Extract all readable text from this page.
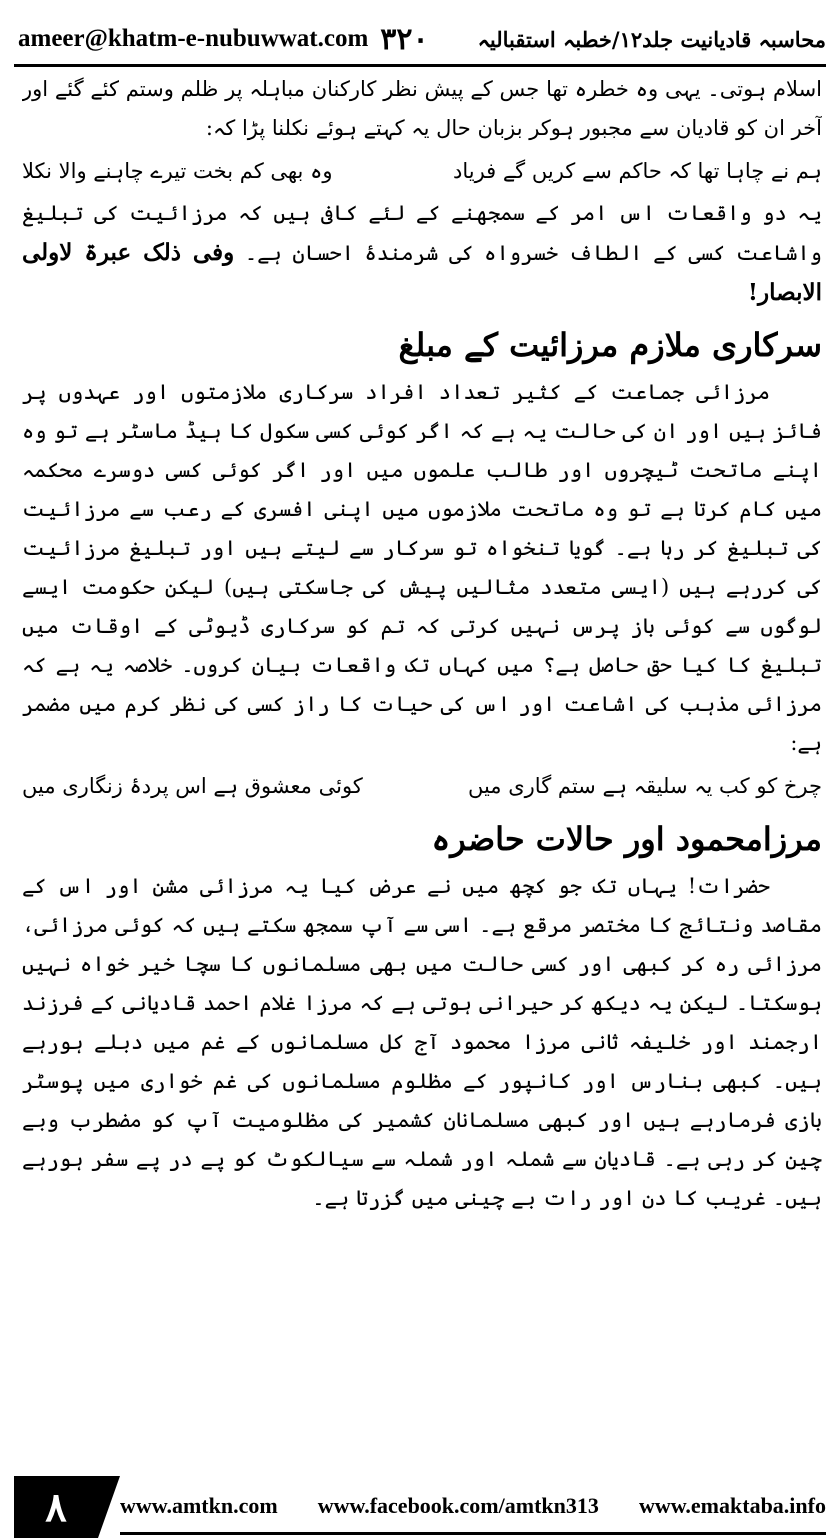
ameer@khatm-e-nubuwwat.com ۳۲۰ محاسبہ قادیانیت جلد۱۲/خطبہ استقبالیہ

اسلام ہوتی۔ یہی وہ خطرہ تھا جس کے پیش نظر کارکنان مباہلہ پر ظلم وستم کئے گئے اور آخر ان کو قادیان سے مجبور ہوکر بزبان حال یہ کہتے ہوئے نکلنا پڑا کہ:

ہم نے چاہا تھا کہ حاکم سے کریں گے فریاد
وہ بھی کم بخت تیرے چاہنے والا نکلا

یہ دو واقعات اس امر کے سمجھنے کے لئے کافی ہیں کہ مرزائیت کی تبلیغ واشاعت کسی کے الطاف خسرواہ کی شرمندۂ احسان ہے۔ وفی ذلک عبرۃ لاولی الابصار!

سرکاری ملازم مرزائیت کے مبلغ

مرزائی جماعت کے کثیر تعداد افراد سرکاری ملازمتوں اور عہدوں پر فائز ہیں اور ان کی حالت یہ ہے کہ اگر کوئی کسی سکول کا ہیڈ ماسٹر ہے تو وہ اپنے ماتحت ٹیچروں اور طالب علموں میں اور اگر کوئی کسی دوسرے محکمہ میں کام کرتا ہے تو وہ ماتحت ملازموں میں اپنی افسری کے رعب سے مرزائیت کی تبلیغ کر رہا ہے۔ گویا تنخواہ تو سرکار سے لیتے ہیں اور تبلیغ مرزائیت کی کررہے ہیں (ایسی متعدد مثالیں پیش کی جاسکتی ہیں) لیکن حکومت ایسے لوگوں سے کوئی باز پرس نہیں کرتی کہ تم کو سرکاری ڈیوٹی کے اوقات میں تبلیغ کا کیا حق حاصل ہے؟ میں کہاں تک واقعات بیان کروں۔ خلاصہ یہ ہے کہ مرزائی مذہب کی اشاعت اور اس کی حیات کا راز کسی کی نظر کرم میں مضمر ہے:

چرخ کو کب یہ سلیقہ ہے ستم گاری میں
کوئی معشوق ہے اس پردۂ زنگاری میں
مرزامحمود اور حالات حاضرہ

حضرات! یہاں تک جو کچھ میں نے عرض کیا یہ مرزائی مشن اور اس کے مقاصد ونتائج کا مختصر مرقع ہے۔ اسی سے آپ سمجھ سکتے ہیں کہ کوئی مرزائی، مرزائی رہ کر کبھی اور کسی حالت میں بھی مسلمانوں کا سچا خیر خواہ نہیں ہوسکتا۔ لیکن یہ دیکھ کر حیرانی ہوتی ہے کہ مرزا غلام احمد قادیانی کے فرزند ارجمند اور خلیفہ ثانی مرزا محمود آج کل مسلمانوں کے غم میں دبلے ہورہے ہیں۔ کبھی بنارس اور کانپور کے مظلوم مسلمانوں کی غم خواری میں پوسٹر بازی فرمارہے ہیں اور کبھی مسلمانان کشمیر کی مظلومیت آپ کو مضطرب وبے چین کر رہی ہے۔ قادیان سے شملہ اور شملہ سے سیالکوٹ کو پے در پے سفر ہورہے ہیں۔ غریب کا دن اور رات بے چینی میں گزرتا ہے۔

۸	www.amtkn.com www.facebook.com/amtkn313 www.emaktaba.info
